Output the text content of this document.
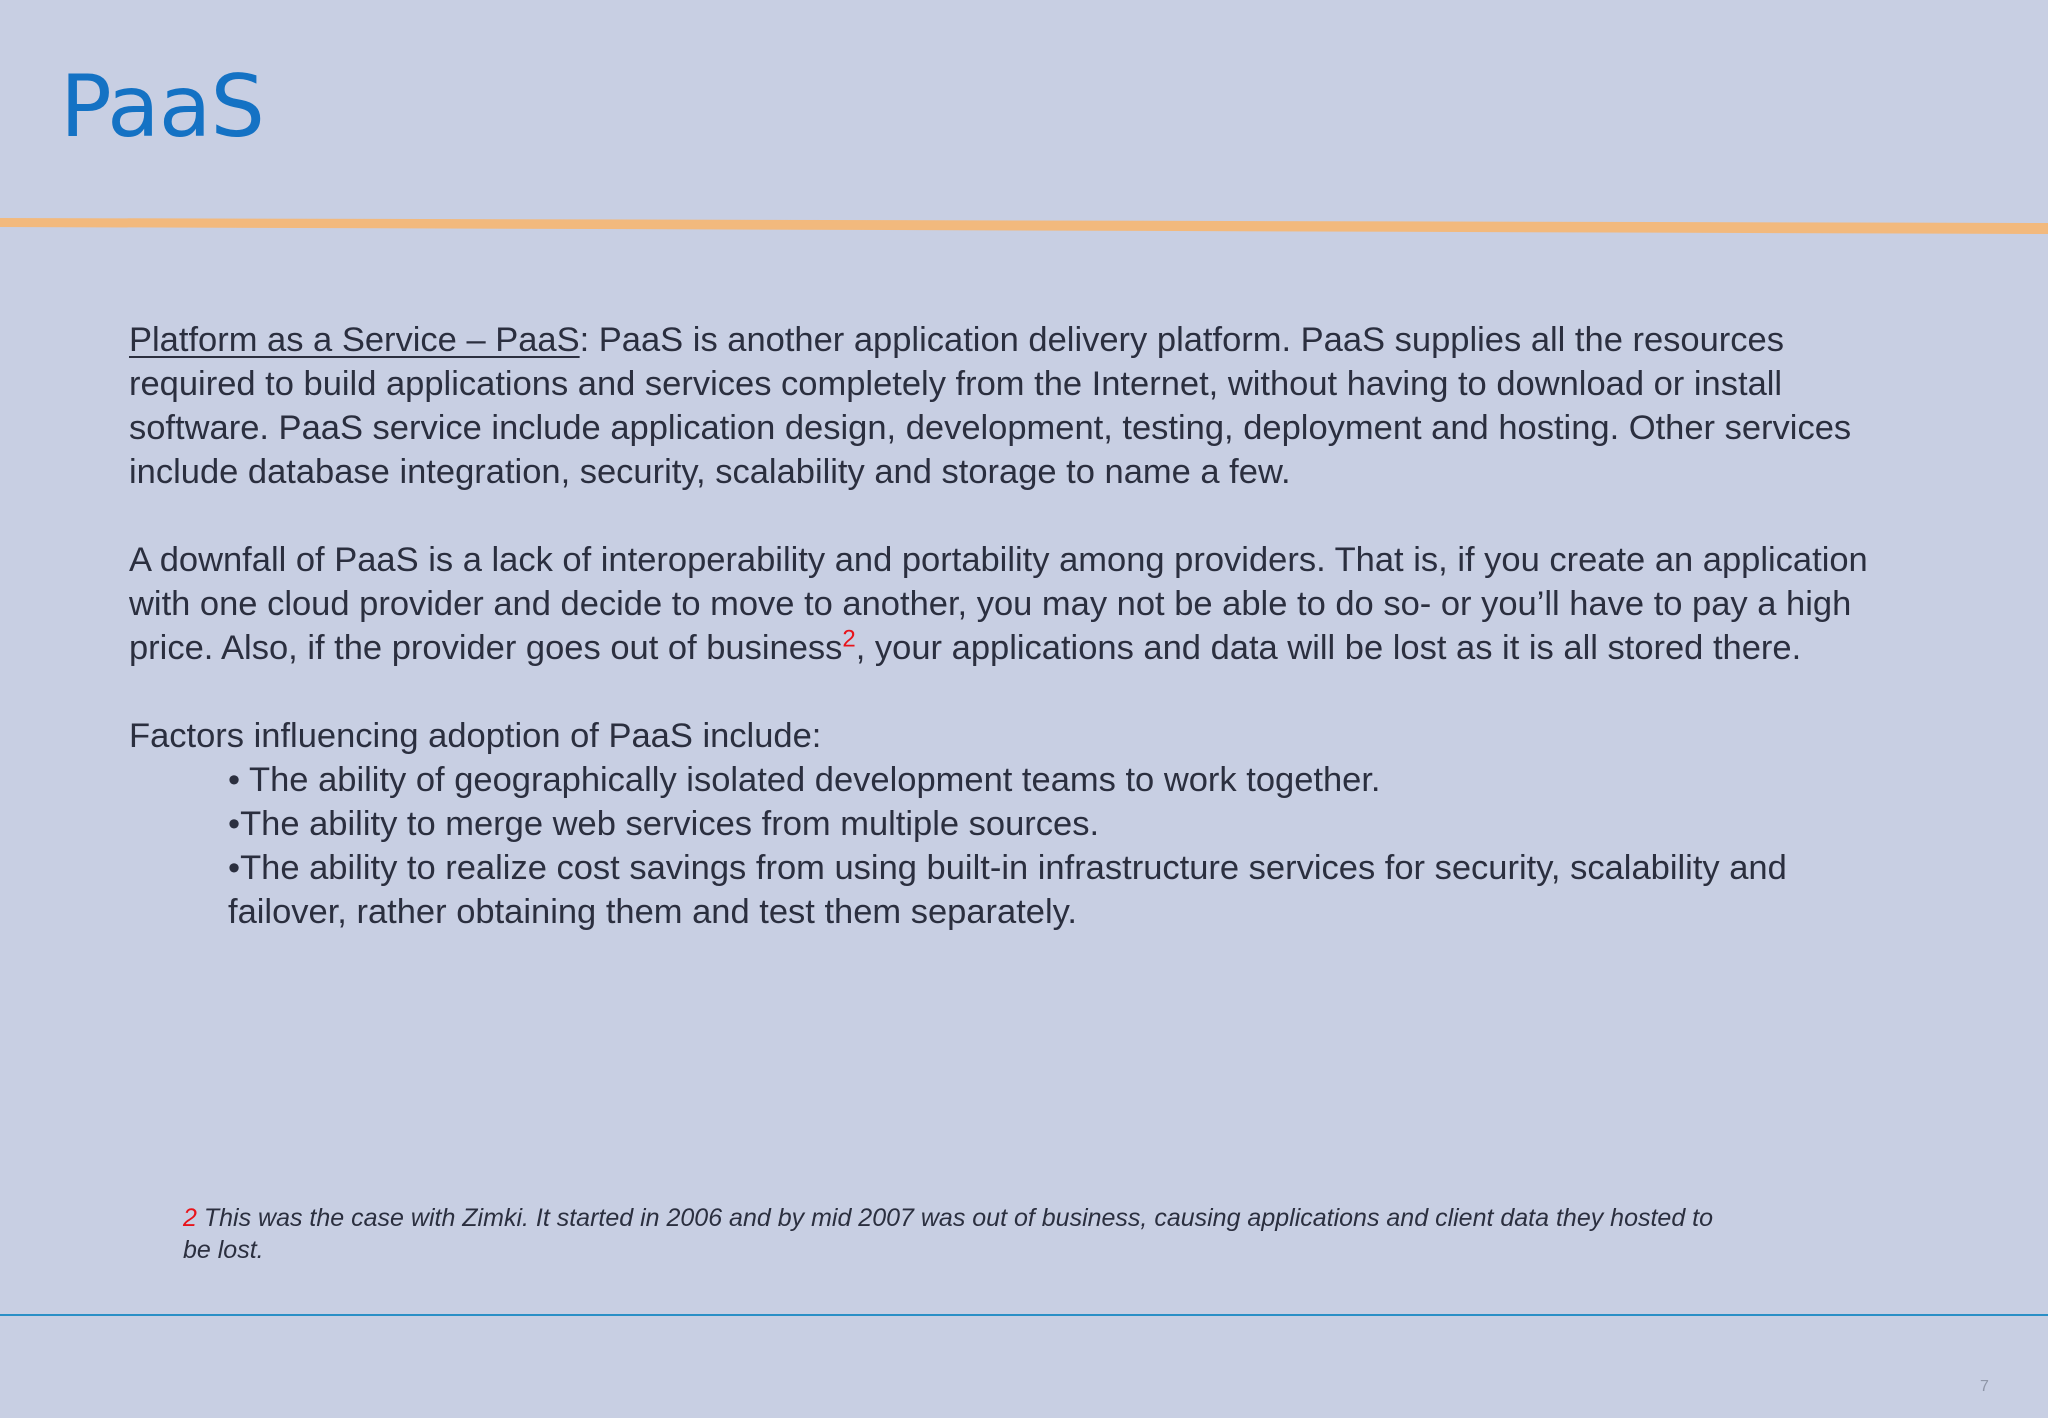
PaaS

Platform as a Service – PaaS: PaaS is another application delivery platform. PaaS supplies all the resources required to build applications and services completely from the Internet, without having to download or install software. PaaS service include application design, development, testing, deployment and hosting. Other services include database integration, security, scalability and storage to name a few.

A downfall of PaaS is a lack of interoperability and portability among providers. That is, if you create an application with one cloud provider and decide to move to another, you may not be able to do so- or you’ll have to pay a high price. Also, if the provider goes out of business$^2$, your applications and data will be lost as it is all stored there.

Factors influencing adoption of PaaS include:

• The ability of geographically isolated development teams to work together.
•The ability to merge web services from multiple sources.
•The ability to realize cost savings from using built-in infrastructure services for security, scalability and failover, rather obtaining them and test them separately.
2 This was the case with Zimki. It started in 2006 and by mid 2007 was out of business, causing applications and client data they hosted to be lost.
7
